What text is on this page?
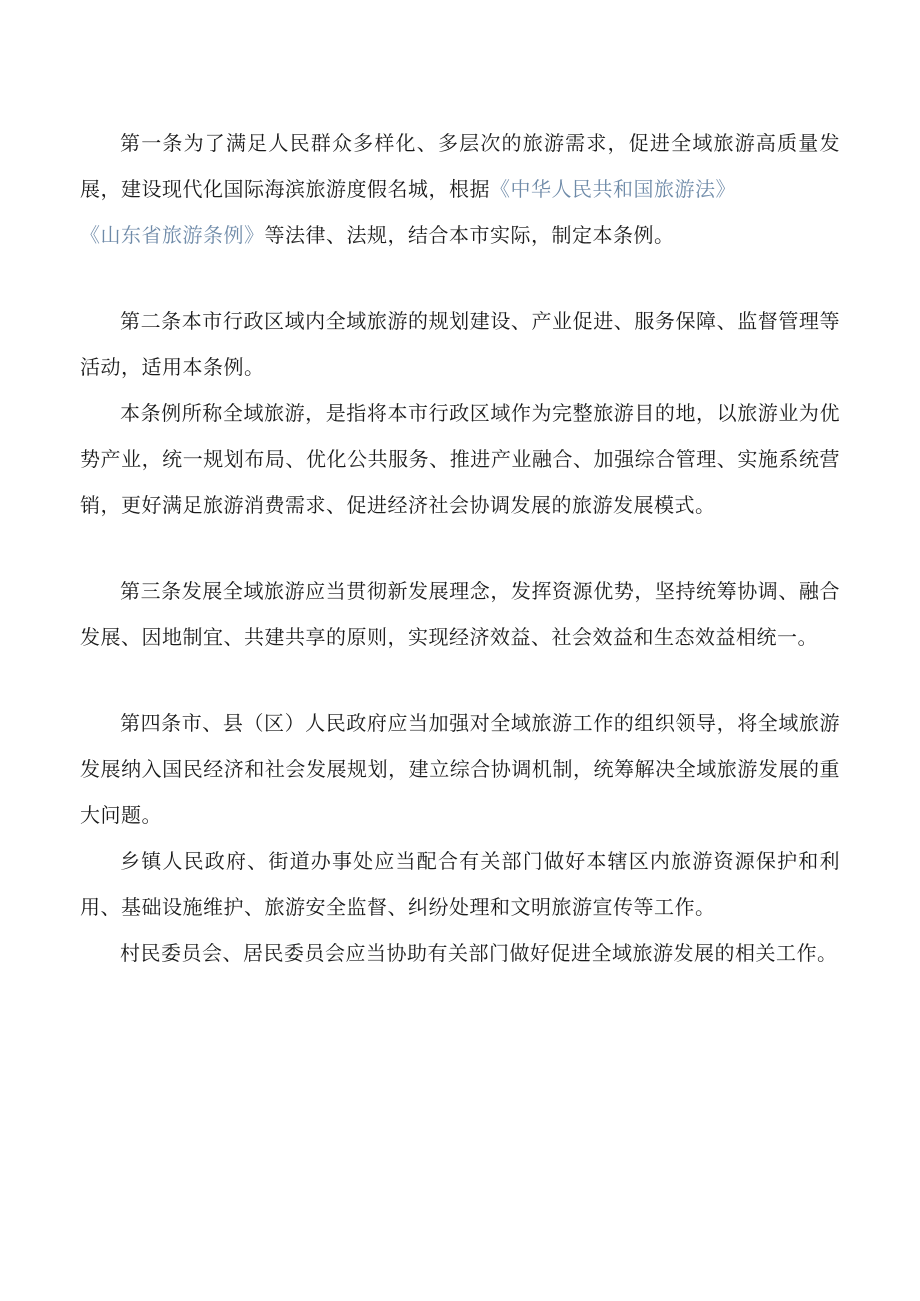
第一条为了满足人民群众多样化、多层次的旅游需求，促进全域旅游高质量发展，建设现代化国际海滨旅游度假名城，根据《中华人民共和国旅游法》
《山东省旅游条例》等法律、法规，结合本市实际，制定本条例。

第二条本市行政区域内全域旅游的规划建设、产业促进、服务保障、监督管理等活动，适用本条例。

本条例所称全域旅游，是指将本市行政区域作为完整旅游目的地，以旅游业为优势产业，统一规划布局、优化公共服务、推进产业融合、加强综合管理、实施系统营销，更好满足旅游消费需求、促进经济社会协调发展的旅游发展模式。

第三条发展全域旅游应当贯彻新发展理念，发挥资源优势，坚持统筹协调、融合发展、因地制宜、共建共享的原则，实现经济效益、社会效益和生态效益相统一。

第四条市、县（区）人民政府应当加强对全域旅游工作的组织领导，将全域旅游发展纳入国民经济和社会发展规划，建立综合协调机制，统筹解决全域旅游发展的重大问题。

乡镇人民政府、街道办事处应当配合有关部门做好本辖区内旅游资源保护和利用、基础设施维护、旅游安全监督、纠纷处理和文明旅游宣传等工作。

村民委员会、居民委员会应当协助有关部门做好促进全域旅游发展的相关工作。
